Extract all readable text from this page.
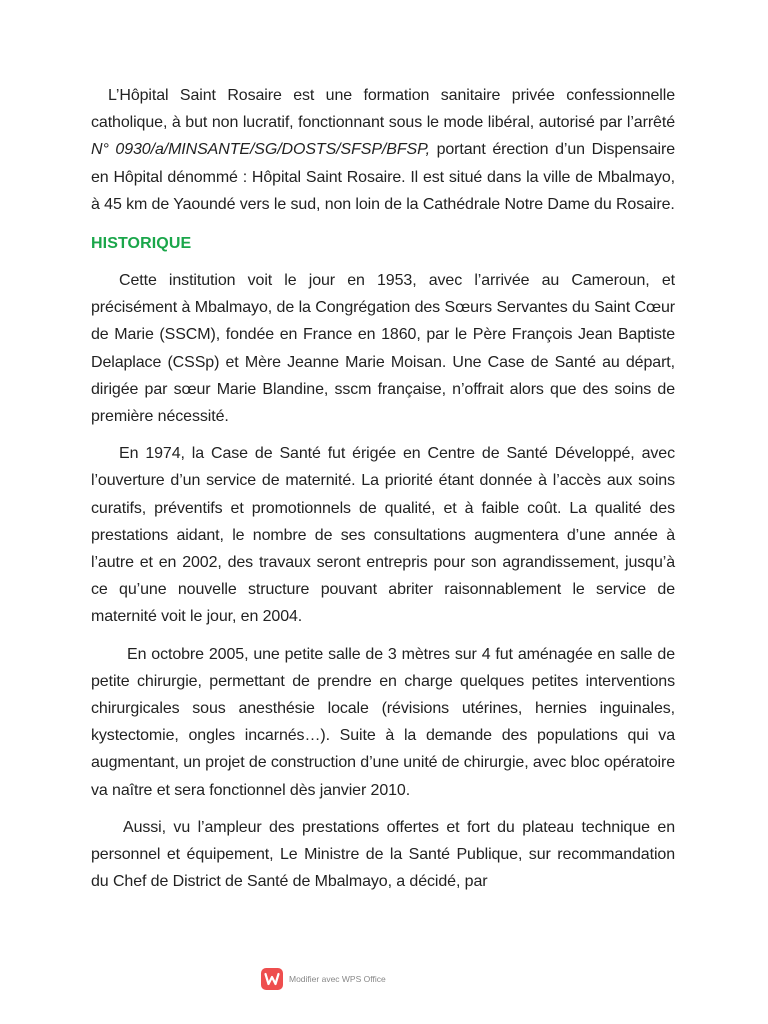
L’Hôpital Saint Rosaire est une formation sanitaire privée confessionnelle catholique, à but non lucratif, fonctionnant sous le mode libéral, autorisé par l’arrêté N° 0930/a/MINSANTE/SG/DOSTS/SFSP/BFSP, portant érection d’un Dispensaire en Hôpital dénommé : Hôpital Saint Rosaire. Il est situé dans la ville de Mbalmayo, à 45 km de Yaoundé vers le sud, non loin de la Cathédrale Notre Dame du Rosaire.

HISTORIQUE

Cette institution voit le jour en 1953, avec l’arrivée au Cameroun, et précisément à Mbalmayo, de la Congrégation des Sœurs Servantes du Saint Cœur de Marie (SSCM), fondée en France en 1860, par le Père François Jean Baptiste Delaplace (CSSp) et Mère Jeanne Marie Moisan. Une Case de Santé au départ, dirigée par sœur Marie Blandine, sscm française, n’offrait alors que des soins de première nécessité.

En 1974, la Case de Santé fut érigée en Centre de Santé Développé, avec l’ouverture d’un service de maternité. La priorité étant donnée à l’accès aux soins curatifs, préventifs et promotionnels de qualité, et à faible coût. La qualité des prestations aidant, le nombre de ses consultations augmentera d’une année à l’autre et en 2002, des travaux seront entrepris pour son agrandissement, jusqu’à ce qu’une nouvelle structure pouvant abriter raisonnablement le service de maternité voit le jour, en 2004.

En octobre 2005, une petite salle de 3 mètres sur 4 fut aménagée en salle de petite chirurgie, permettant de prendre en charge quelques petites interventions chirurgicales sous anesthésie locale (révisions utérines, hernies inguinales, kystectomie, ongles incarnés…). Suite à la demande des populations qui va augmentant, un projet de construction d’une unité de chirurgie, avec bloc opératoire va naître et sera fonctionnel dès janvier 2010.

Aussi, vu l’ampleur des prestations offertes et fort du plateau technique en personnel et équipement, Le Ministre de la Santé Publique, sur recommandation du Chef de District de Santé de Mbalmayo, a décidé, par

Modifier avec WPS Office
